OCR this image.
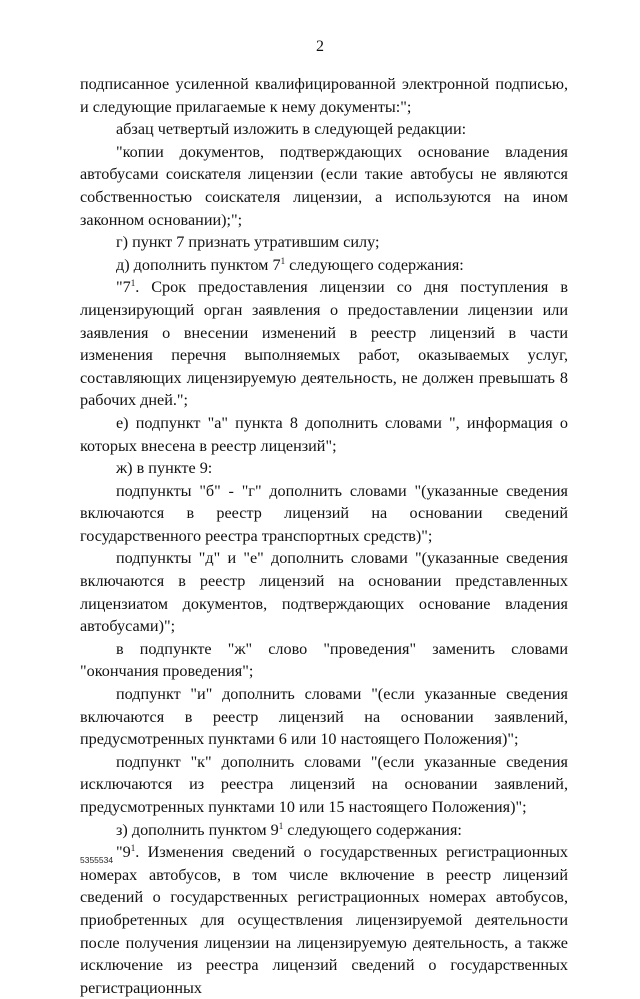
2

подписанное усиленной квалифицированной электронной подписью, и следующие прилагаемые к нему документы:";

абзац четвертый изложить в следующей редакции:

"копии документов, подтверждающих основание владения автобусами соискателя лицензии (если такие автобусы не являются собственностью соискателя лицензии, а используются на ином законном основании);";

г) пункт 7 признать утратившим силу;

д) дополнить пунктом $7^1$ следующего содержания:

"$7^1$. Срок предоставления лицензии со дня поступления в лицензирующий орган заявления о предоставлении лицензии или заявления о внесении изменений в реестр лицензий в части изменения перечня выполняемых работ, оказываемых услуг, составляющих лицензируемую деятельность, не должен превышать 8 рабочих дней.";

е) подпункт "а" пункта 8 дополнить словами ", информация о которых внесена в реестр лицензий";

ж) в пункте 9:

подпункты "б" - "г" дополнить словами "(указанные сведения включаются в реестр лицензий на основании сведений государственного реестра транспортных средств)";

подпункты "д" и "е" дополнить словами "(указанные сведения включаются в реестр лицензий на основании представленных лицензиатом документов, подтверждающих основание владения автобусами)";

в подпункте "ж" слово "проведения" заменить словами "окончания проведения";

подпункт "и" дополнить словами "(если указанные сведения включаются в реестр лицензий на основании заявлений, предусмотренных пунктами 6 или 10 настоящего Положения)";

подпункт "к" дополнить словами "(если указанные сведения исключаются из реестра лицензий на основании заявлений, предусмотренных пунктами 10 или 15 настоящего Положения)";

з) дополнить пунктом $9^1$ следующего содержания:

"$9^1$. Изменения сведений о государственных регистрационных номерах автобусов, в том числе включение в реестр лицензий сведений о государственных регистрационных номерах автобусов, приобретенных для осуществления лицензируемой деятельности после получения лицензии на лицензируемую деятельность, а также исключение из реестра лицензий сведений о государственных регистрационных

5355534
